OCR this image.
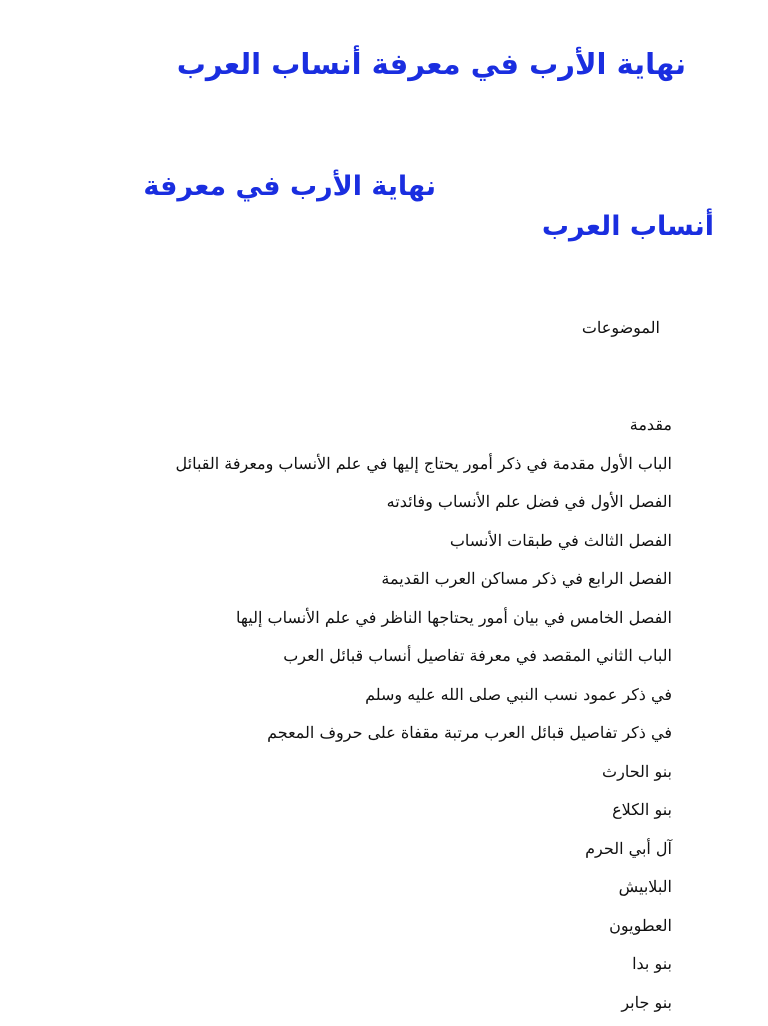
نهاية الأرب في معرفة أنساب العرب
نهاية الأرب في معرفة
أنساب العرب

الموضوعات

مقدمة
الباب الأول مقدمة في ذكر أمور يحتاج إليها في علم الأنساب ومعرفة القبائل
الفصل الأول في فضل علم الأنساب وفائدته
الفصل الثالث في طبقات الأنساب
الفصل الرابع في ذكر مساكن العرب القديمة
الفصل الخامس في بيان أمور يحتاجها الناظر في علم الأنساب إليها
الباب الثاني المقصد في معرفة تفاصيل أنساب قبائل العرب
في ذكر عمود نسب النبي صلى الله عليه وسلم
في ذكر تفاصيل قبائل العرب مرتبة مقفاة على حروف المعجم
بنو الحارث
بنو الكلاع
آل أبي الحرم
البلابيش
العطويون
بنو بدا
بنو جابر
